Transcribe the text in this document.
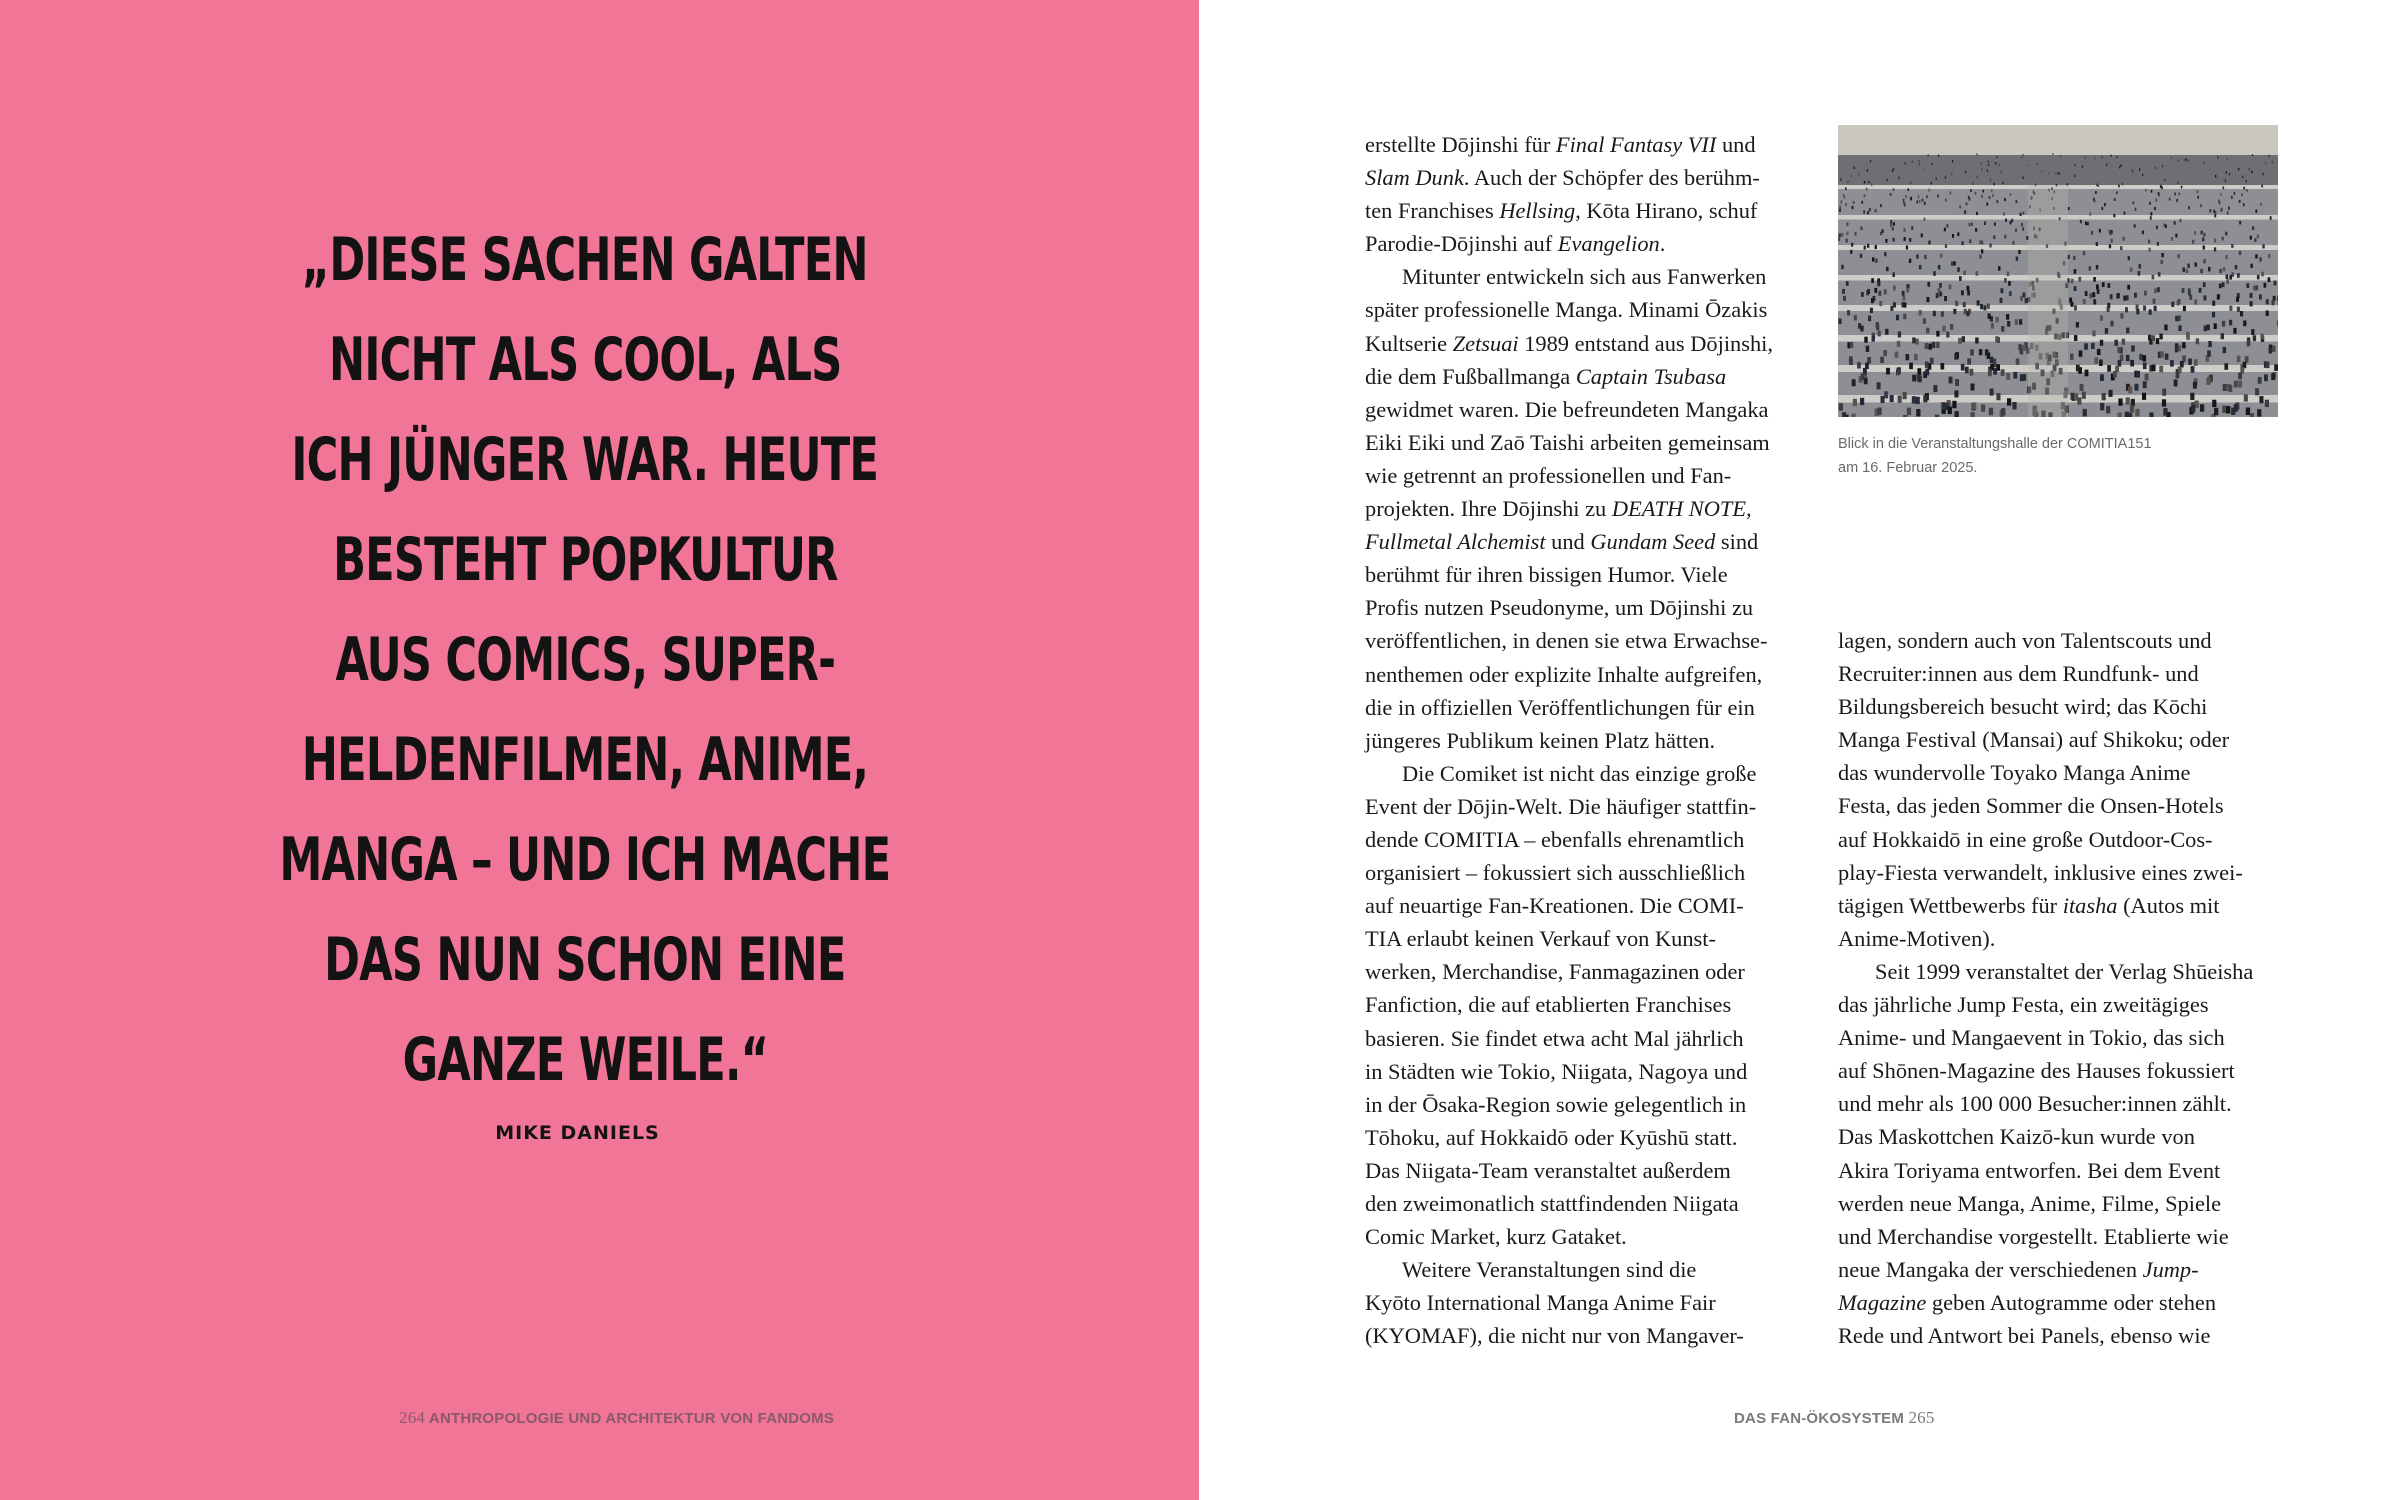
„DIESE SACHEN GALTEN
NICHT ALS COOL, ALS
ICH JÜNGER WAR. HEUTE
BESTEHT POPKULTUR
AUS COMICS, SUPER-
HELDENFILMEN, ANIME,
MANGA – UND ICH MACHE
DAS NUN SCHON EINE
GANZE WEILE.“
MIKE DANIELS
264 ANTHROPOLOGIE UND ARCHITEKTUR VON FANDOMS
erstellte Dōjinshi für Final Fantasy VII und
Slam Dunk. Auch der Schöpfer des berühm-
ten Franchises Hellsing, Kōta Hirano, schuf
Parodie-Dōjinshi auf Evangelion.
Mitunter entwickeln sich aus Fanwerken
später professionelle Manga. Minami Ōzakis
Kultserie Zetsuai 1989 entstand aus Dōjinshi,
die dem Fußballmanga Captain Tsubasa
gewidmet waren. Die befreundeten Mangaka
Eiki Eiki und Zaō Taishi arbeiten gemeinsam
wie getrennt an professionellen und Fan-
projekten. Ihre Dōjinshi zu DEATH NOTE,
Fullmetal Alchemist und Gundam Seed sind
berühmt für ihren bissigen Humor. Viele
Profis nutzen Pseudonyme, um Dōjinshi zu
veröffentlichen, in denen sie etwa Erwachse-
nenthemen oder explizite Inhalte aufgreifen,
die in offiziellen Veröffentlichungen für ein
jüngeres Publikum keinen Platz hätten.
Die Comiket ist nicht das einzige große
Event der Dōjin-Welt. Die häufiger stattfin-
dende COMITIA – ebenfalls ehrenamtlich
organisiert – fokussiert sich ausschließlich
auf neuartige Fan-Kreationen. Die COMI-
TIA erlaubt keinen Verkauf von Kunst-
werken, Merchandise, Fanmagazinen oder
Fanfiction, die auf etablierten Franchises
basieren. Sie findet etwa acht Mal jährlich
in Städten wie Tokio, Niigata, Nagoya und
in der Ōsaka-Region sowie gelegentlich in
Tōhoku, auf Hokkaidō oder Kyūshū statt.
Das Niigata-Team veranstaltet außerdem
den zweimonatlich stattfindenden Niigata
Comic Market, kurz Gataket.
Weitere Veranstaltungen sind die
Kyōto International Manga Anime Fair
(KYOMAF), die nicht nur von Mangaver-
Blick in die Veranstaltungshalle der COMITIA151
am 16. Februar 2025.
lagen, sondern auch von Talentscouts und
Recruiter:innen aus dem Rundfunk- und
Bildungsbereich besucht wird; das Kōchi
Manga Festival (Mansai) auf Shikoku; oder
das wundervolle Toyako Manga Anime
Festa, das jeden Sommer die Onsen-Hotels
auf Hokkaidō in eine große Outdoor-Cos-
play-Fiesta verwandelt, inklusive eines zwei-
tägigen Wettbewerbs für itasha (Autos mit
Anime-Motiven).
Seit 1999 veranstaltet der Verlag Shūeisha
das jährliche Jump Festa, ein zweitägiges
Anime- und Mangaevent in Tokio, das sich
auf Shōnen-Magazine des Hauses fokussiert
und mehr als 100 000 Besucher:innen zählt.
Das Maskottchen Kaizō-kun wurde von
Akira Toriyama entworfen. Bei dem Event
werden neue Manga, Anime, Filme, Spiele
und Merchandise vorgestellt. Etablierte wie
neue Mangaka der verschiedenen Jump-
Magazine geben Autogramme oder stehen
Rede und Antwort bei Panels, ebenso wie
DAS FAN-ÖKOSYSTEM 265
